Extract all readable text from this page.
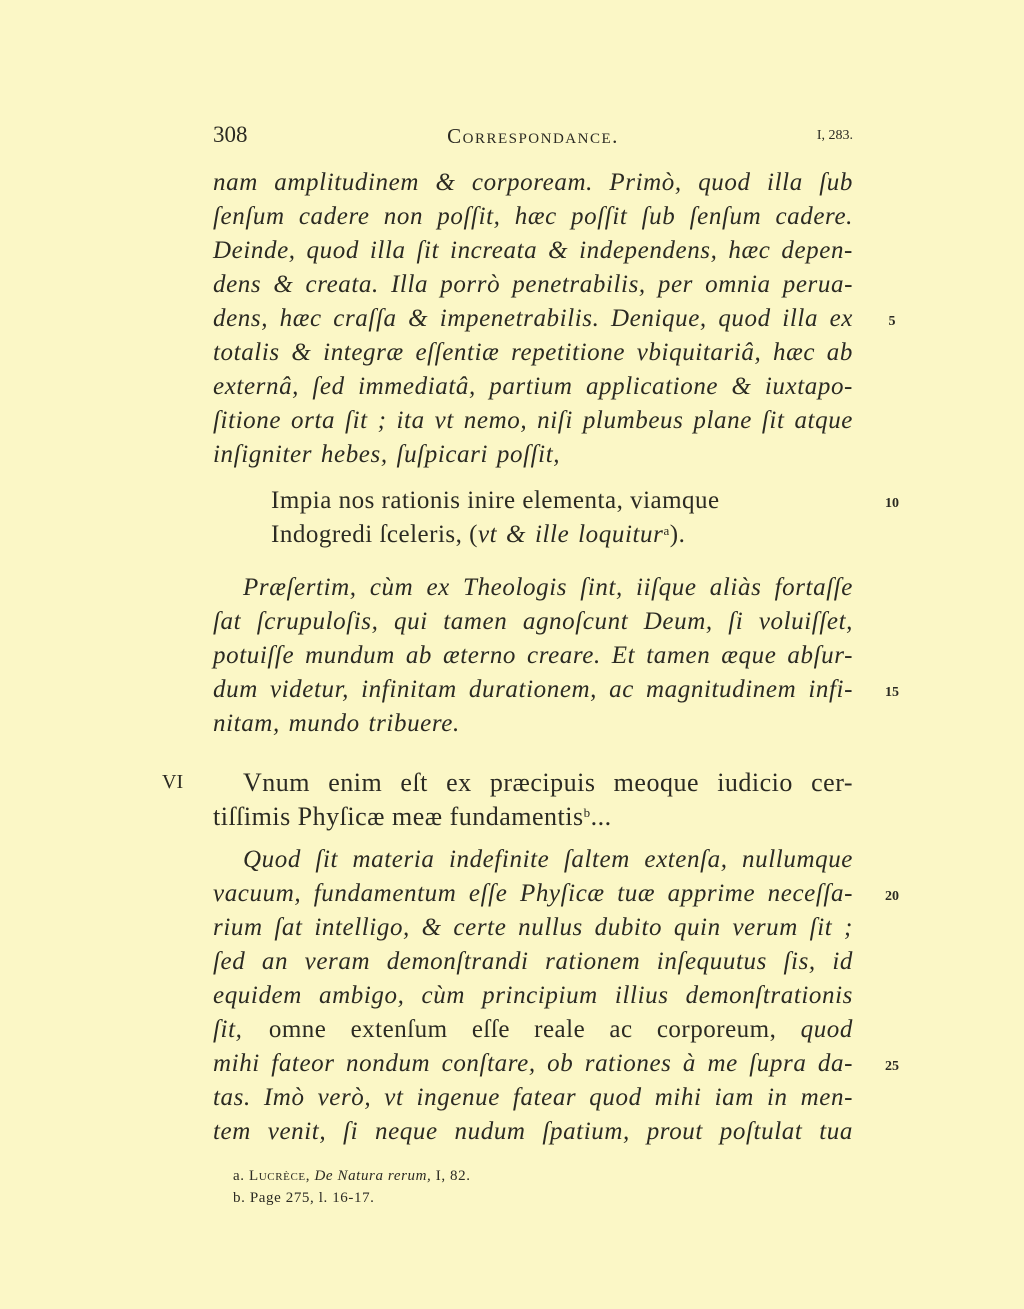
308	Correspondance.	I, 283.
nam amplitudinem & corpoream. Primò, quod illa ſub
ſenſum cadere non poſſit, hæc poſſit ſub ſenſum cadere.
Deinde, quod illa ſit increata & independens, hæc depen-
dens & creata. Illa porrò penetrabilis, per omnia perua-
dens, hæc craſſa & impenetrabilis. Denique, quod illa ex	5
totalis & integræ eſſentiæ repetitione vbiquitariâ, hæc ab
externâ, ſed immediatâ, partium applicatione & iuxtapo-
ſitione orta ſit ; ita vt nemo, niſi plumbeus plane ſit atque
inſigniter hebes, ſuſpicari poſſit,
Impia nos rationis inire elementa, viamque	10
Indogredi ſceleris, (vt & ille loquitur$^a$).
Præſertim, cùm ex Theologis ſint, iiſque aliàs fortaſſe
ſat ſcrupuloſis, qui tamen agnoſcunt Deum, ſi voluiſſet,
potuiſſe mundum ab æterno creare. Et tamen æque abſur-
dum videtur, infinitam durationem, ac magnitudinem infi-	15
nitam, mundo tribuere.
VI Vnum enim eſt ex præcipuis meoque iudicio cer-
tiſſimis Phyſicæ meæ fundamentis$^b$...
Quod ſit materia indefinite ſaltem extenſa, nullumque
vacuum, fundamentum eſſe Phyſicæ tuæ apprime neceſſa-	20
rium ſat intelligo, & certe nullus dubito quin verum ſit ;
ſed an veram demonſtrandi rationem inſequutus ſis, id
equidem ambigo, cùm principium illius demonſtrationis
ſit, omne extenſum eſſe reale ac corporeum, quod
mihi fateor nondum conſtare, ob rationes à me ſupra da-	25
tas. Imò verò, vt ingenue fatear quod mihi iam in men-
tem venit, ſi neque nudum ſpatium, prout poſtulat tua
a. Lucrèce, De Natura rerum, I, 82.
b. Page 275, l. 16-17.
